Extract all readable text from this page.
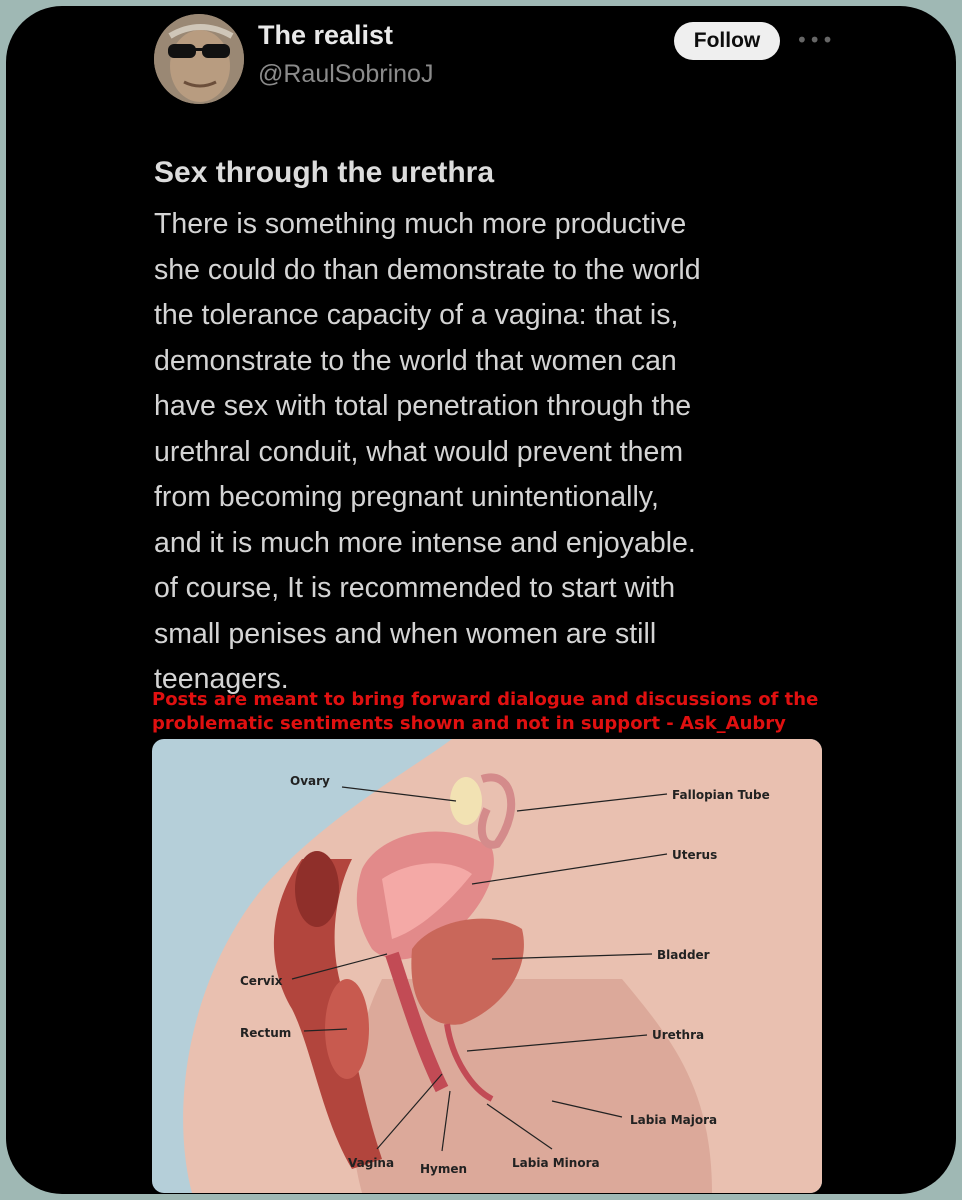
The realist
@RaulSobrinoJ
Follow	•••
Sex through the urethra

There is something much more productive
she could do than demonstrate to the world
the tolerance capacity of a vagina: that is,
demonstrate to the world that women can
have sex with total penetration through the
urethral conduit, what would prevent them
from becoming pregnant unintentionally,
and it is much more intense and enjoyable.
of course, It is recommended to start with
small penises and when women are still
teenagers.

Posts are meant to bring forward dialogue and discussions of the problematic sentiments shown and not in support - Ask_Aubry

Ovary
Fallopian Tube
Uterus
Bladder
Cervix
Rectum	Urethra
Labia Majora
Vagina Hymen	Labia Minora
